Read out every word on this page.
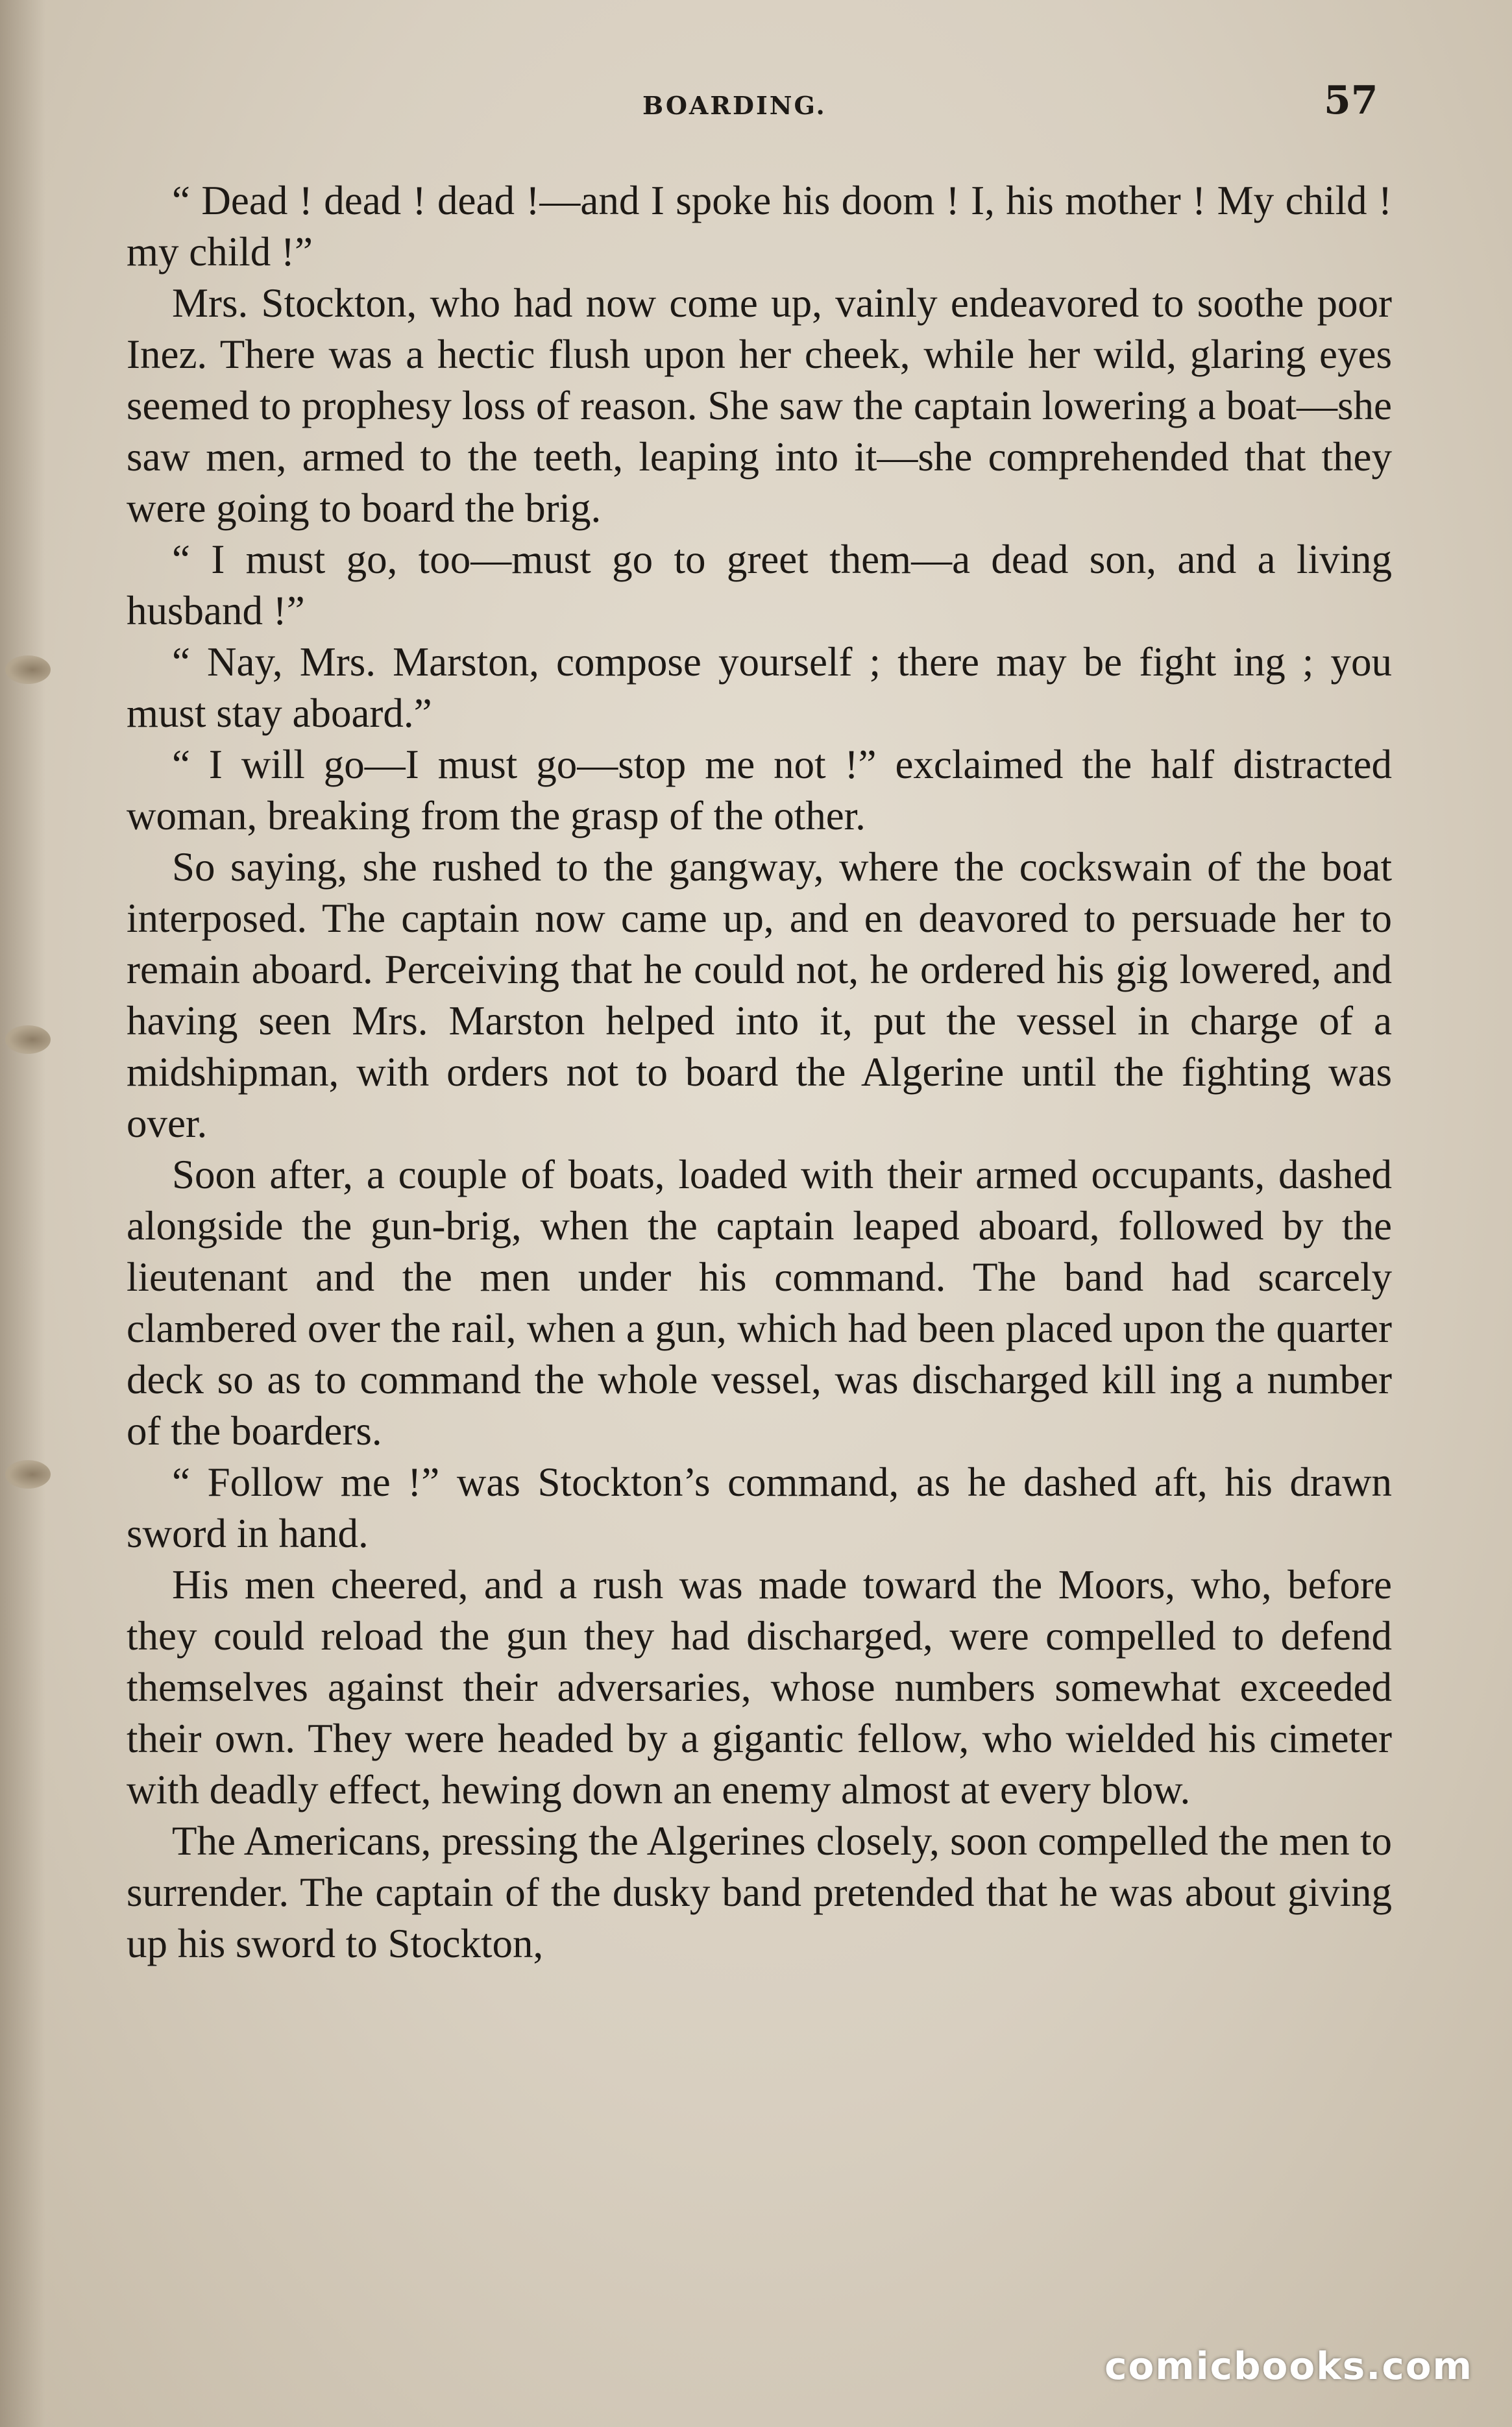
BOARDING.	57

“ Dead ! dead ! dead !—and I spoke his doom ! I, his mother ! My child ! my child !”

Mrs. Stockton, who had now come up, vainly endeavored to soothe poor Inez. There was a hectic flush upon her cheek, while her wild, glaring eyes seemed to prophesy loss of reason. She saw the captain lowering a boat—she saw men, armed to the teeth, leaping into it—she comprehended that they were going to board the brig.

“ I must go, too—must go to greet them—a dead son, and a living husband !”

“ Nay, Mrs. Marston, compose yourself ; there may be fight ing ; you must stay aboard.”

“ I will go—I must go—stop me not !” exclaimed the half distracted woman, breaking from the grasp of the other.

So saying, she rushed to the gangway, where the cockswain of the boat interposed. The captain now came up, and en deavored to persuade her to remain aboard. Perceiving that he could not, he ordered his gig lowered, and having seen Mrs. Marston helped into it, put the vessel in charge of a midshipman, with orders not to board the Algerine until the fighting was over.

Soon after, a couple of boats, loaded with their armed occupants, dashed alongside the gun-brig, when the captain leaped aboard, followed by the lieutenant and the men under his command. The band had scarcely clambered over the rail, when a gun, which had been placed upon the quarter deck so as to command the whole vessel, was discharged kill ing a number of the boarders.

“ Follow me !” was Stockton’s command, as he dashed aft, his drawn sword in hand.

His men cheered, and a rush was made toward the Moors, who, before they could reload the gun they had discharged, were compelled to defend themselves against their adversaries, whose numbers somewhat exceeded their own. They were headed by a gigantic fellow, who wielded his cimeter with deadly effect, hewing down an enemy almost at every blow.

The Americans, pressing the Algerines closely, soon compelled the men to surrender. The captain of the dusky band pretended that he was about giving up his sword to Stockton,

comicbooks.com
